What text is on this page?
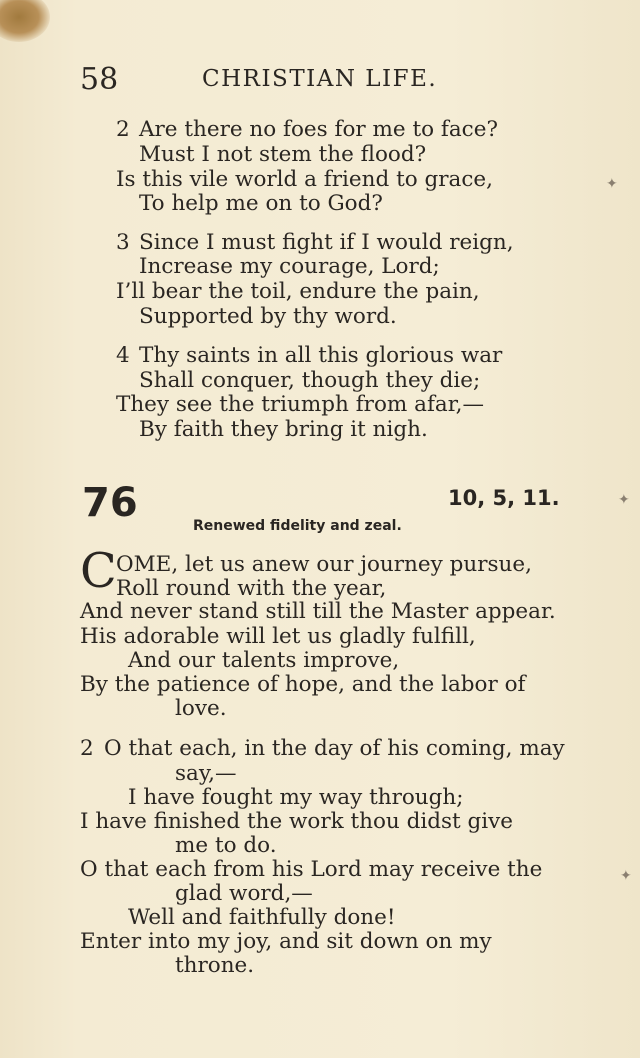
58	CHRISTIAN LIFE.
2 Are there no foes for me to face?
Must I not stem the flood?
Is this vile world a friend to grace,
To help me on to God?
3 Since I must fight if I would reign,
Increase my courage, Lord;
I’ll bear the toil, endure the pain,
Supported by thy word.
4 Thy saints in all this glorious war
Shall conquer, though they die;
They see the triumph from afar,—
By faith they bring it nigh.
76	10, 5, 11.
Renewed fidelity and zeal.
C OME, let us anew our journey pursue,
Roll round with the year,
And never stand still till the Master appear.
His adorable will let us gladly fulfill,
And our talents improve,
By the patience of hope, and the labor of
love.
2 O that each, in the day of his coming, may
say,—
I have fought my way through;
I have finished the work thou didst give
me to do.
O that each from his Lord may receive the
glad word,—
Well and faithfully done!
Enter into my joy, and sit down on my
throne.
✦
✦
✦
